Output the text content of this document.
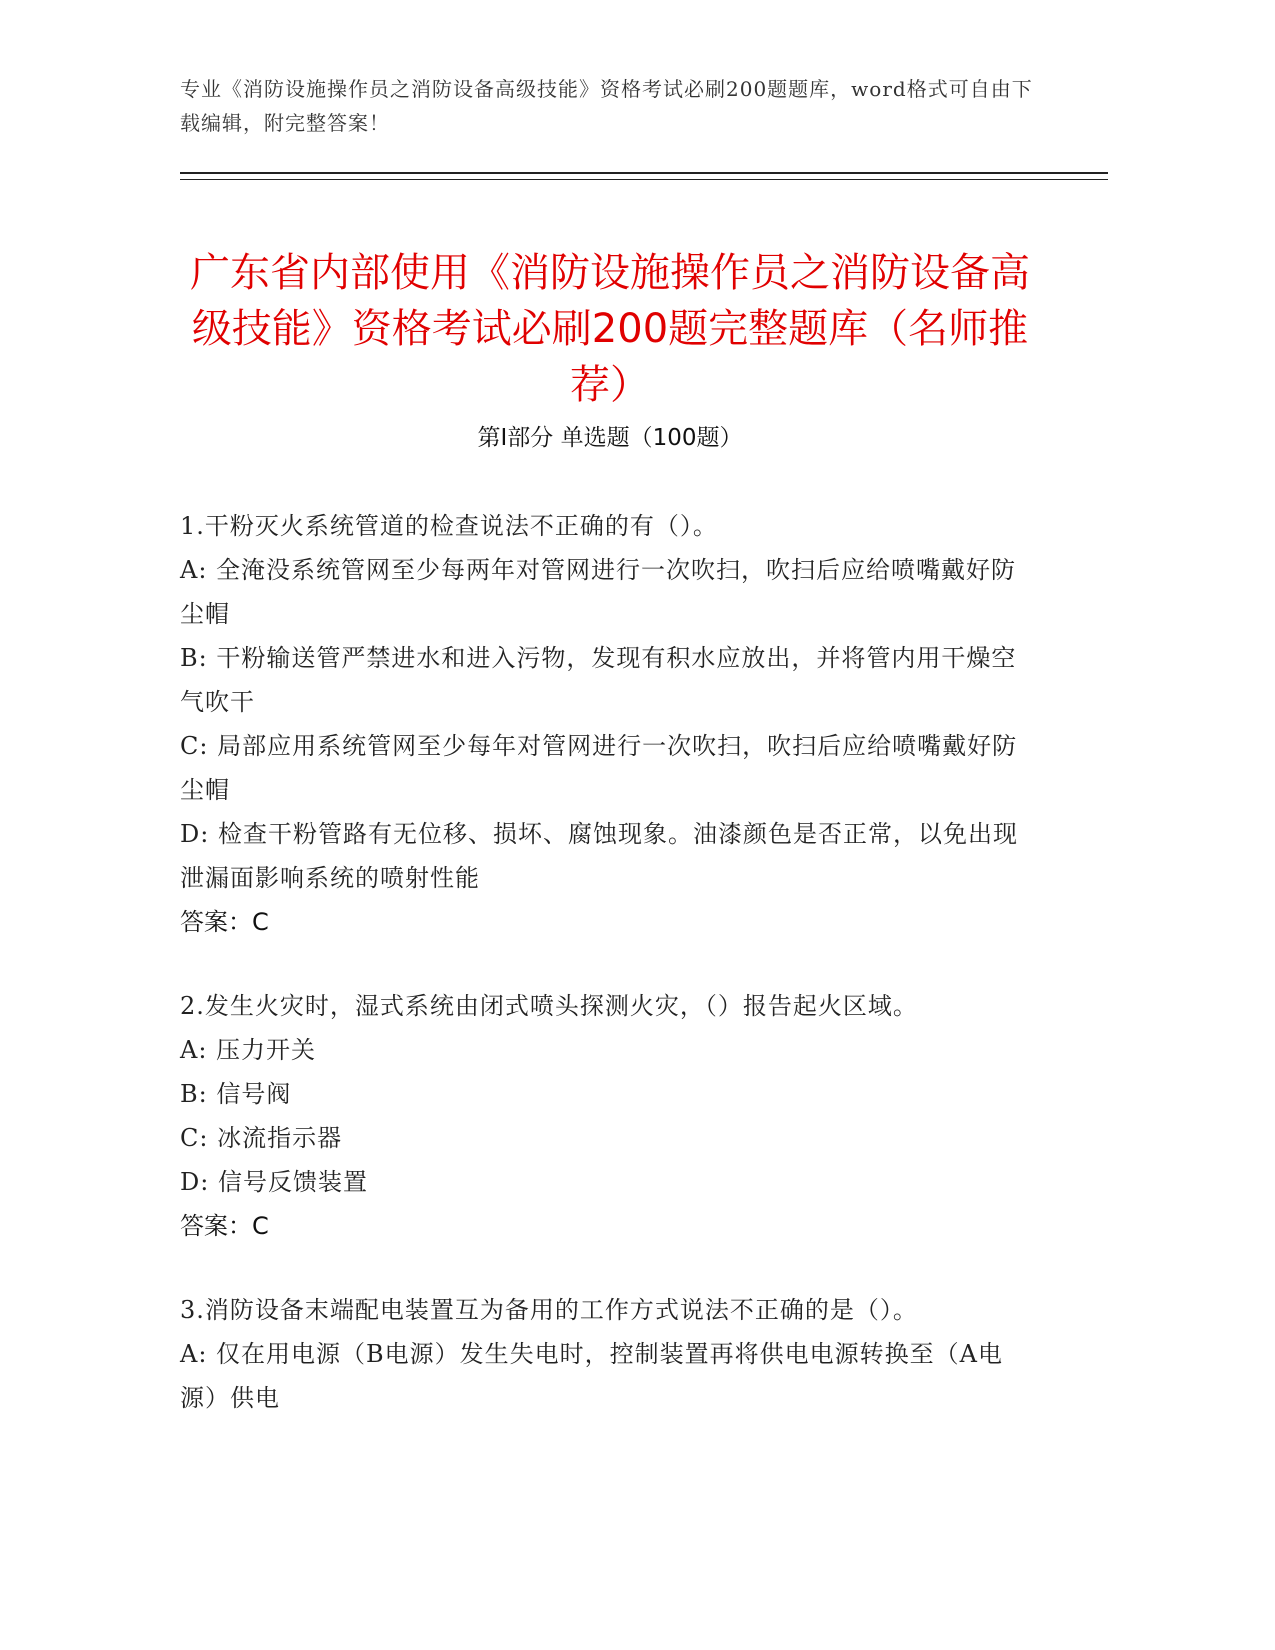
专业《消防设施操作员之消防设备高级技能》资格考试必刷200题题库，word格式可自由下载编辑，附完整答案！
广东省内部使用《消防设施操作员之消防设备高级技能》资格考试必刷200题完整题库（名师推荐）
第Ⅰ部分 单选题（100题）

1.干粉灭火系统管道的检查说法不正确的有（）。

A: 全淹没系统管网至少每两年对管网进行一次吹扫，吹扫后应给喷嘴戴好防尘帽

B: 干粉输送管严禁进水和进入污物，发现有积水应放出，并将管内用干燥空气吹干

C: 局部应用系统管网至少每年对管网进行一次吹扫，吹扫后应给喷嘴戴好防尘帽

D: 检查干粉管路有无位移、损坏、腐蚀现象。油漆颜色是否正常，以免出现泄漏面影响系统的喷射性能

答案：C

2.发生火灾时，湿式系统由闭式喷头探测火灾，（）报告起火区域。

A: 压力开关

B: 信号阀

C: 冰流指示器

D: 信号反馈装置

答案：C

3.消防设备末端配电装置互为备用的工作方式说法不正确的是（）。

A: 仅在用电源（B电源）发生失电时，控制装置再将供电电源转换至（A电源）供电
